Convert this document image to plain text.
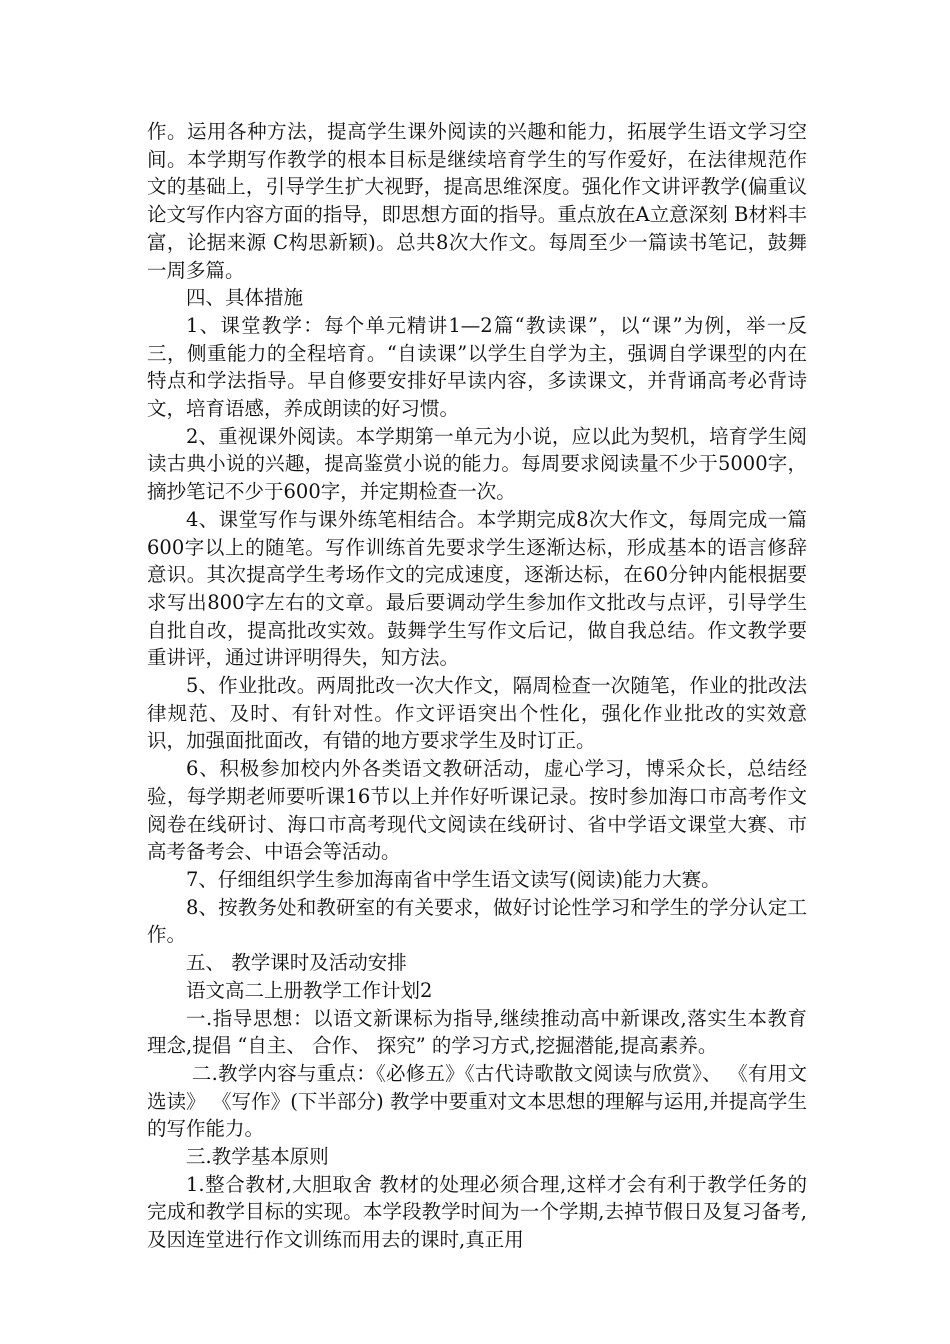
作。运用各种方法，提高学生课外阅读的兴趣和能力，拓展学生语文学习空间。本学期写作教学的根本目标是继续培育学生的写作爱好，在法律规范作文的基础上，引导学生扩大视野，提高思维深度。强化作文讲评教学(偏重议论文写作内容方面的指导，即思想方面的指导。重点放在A立意深刻 B材料丰富，论据来源 C构思新颖)。总共8次大作文。每周至少一篇读书笔记，鼓舞一周多篇。

四、具体措施

1、课堂教学：每个单元精讲1—2篇“教读课”，以“课”为例，举一反三，侧重能力的全程培育。“自读课”以学生自学为主，强调自学课型的内在特点和学法指导。早自修要安排好早读内容，多读课文，并背诵高考必背诗文，培育语感，养成朗读的好习惯。

2、重视课外阅读。本学期第一单元为小说，应以此为契机，培育学生阅读古典小说的兴趣，提高鉴赏小说的能力。每周要求阅读量不少于5000字，摘抄笔记不少于600字，并定期检查一次。

4、课堂写作与课外练笔相结合。本学期完成8次大作文，每周完成一篇600字以上的随笔。写作训练首先要求学生逐渐达标，形成基本的语言修辞意识。其次提高学生考场作文的完成速度，逐渐达标，在60分钟内能根据要求写出800字左右的文章。最后要调动学生参加作文批改与点评，引导学生自批自改，提高批改实效。鼓舞学生写作文后记，做自我总结。作文教学要重讲评，通过讲评明得失，知方法。

5、作业批改。两周批改一次大作文，隔周检查一次随笔，作业的批改法律规范、及时、有针对性。作文评语突出个性化，强化作业批改的实效意识，加强面批面改，有错的地方要求学生及时订正。

6、积极参加校内外各类语文教研活动，虚心学习，博采众长，总结经验，每学期老师要听课16节以上并作好听课记录。按时参加海口市高考作文阅卷在线研讨、海口市高考现代文阅读在线研讨、省中学语文课堂大赛、市高考备考会、中语会等活动。

7、仔细组织学生参加海南省中学生语文读写(阅读)能力大赛。

8、按教务处和教研室的有关要求，做好讨论性学习和学生的学分认定工作。

五、 教学课时及活动安排

语文高二上册教学工作计划2

一.指导思想：以语文新课标为指导,继续推动高中新课改,落实生本教育理念,提倡 “自主、 合作、 探究” 的学习方式,挖掘潜能,提高素养。

二.教学内容与重点：《必修五》《古代诗歌散文阅读与欣赏》、 《有用文选读》 《写作》(下半部分) 教学中要重对文本思想的理解与运用,并提高学生的写作能力。

三.教学基本原则

1.整合教材,大胆取舍 教材的处理必须合理,这样才会有利于教学任务的完成和教学目标的实现。本学段教学时间为一个学期,去掉节假日及复习备考,及因连堂进行作文训练而用去的课时,真正用
